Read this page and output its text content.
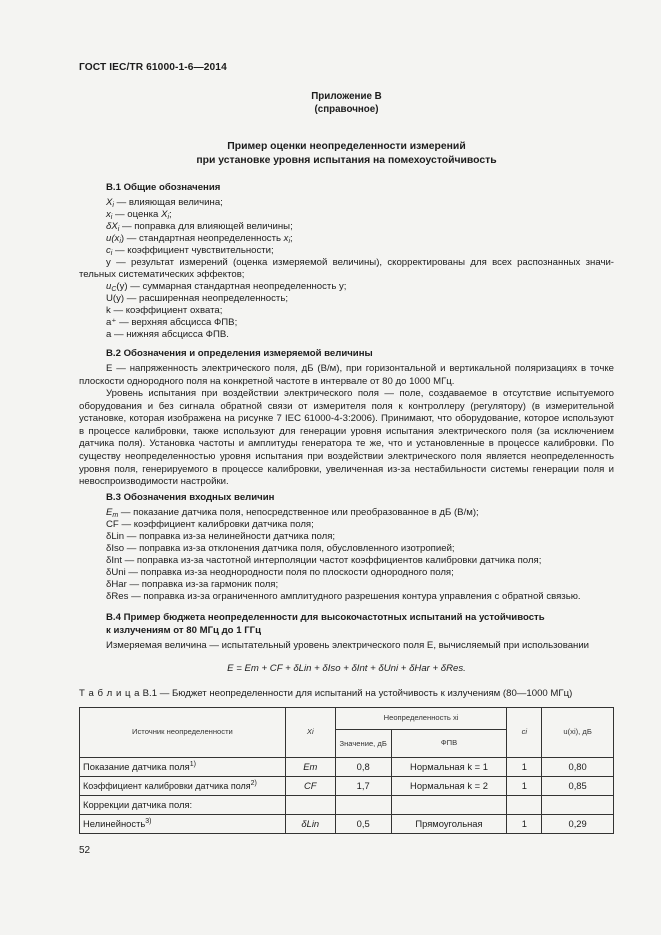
ГОСТ IEC/TR 61000-1-6—2014
Приложение В
(справочное)
Пример оценки неопределенности измерений
при установке уровня испытания на помехоустойчивость
В.1 Общие обозначения
$X_i$ — влияющая величина;
$x_i$ — оценка $X_i$;
$\delta X_i$ — поправка для влияющей величины;
$u(x_i)$ — стандартная неопределенность $x_i$;
$c_i$ — коэффициент чувствительности;
y — результат измерений (оценка измеряемой величины), скорректированы для всех распознанных значи-
тельных систематических эффектов;
$u_C(y)$ — суммарная стандартная неопределенность y;
U(y) — расширенная неопределенность;
k — коэффициент охвата;
a⁺ — верхняя абсцисса ФПВ;
a — нижняя абсцисса ФПВ.
В.2 Обозначения и определения измеряемой величины

E — напряженность электрического поля, дБ (В/м), при горизонтальной и вертикальной поляризациях в точке плоскости однородного поля на конкретной частоте в интервале от 80 до 1000 МГц.

Уровень испытания при воздействии электрического поля — поле, создаваемое в отсутствие испытуемого оборудования и без сигнала обратной связи от измерителя поля к контроллеру (регулятору) (в измерительной установке, которая изображена на рисунке 7 IEC 61000-4-3:2006). Принимают, что оборудование, которое используют в процессе калибровки, также используют для генерации уровня испытания электрического поля (за исключением датчика поля). Установка частоты и амплитуды генератора те же, что и установленные в процессе калибровки. По существу неопределенностью уровня испытания при воздействии электрического поля является неопределенность уровня поля, генерируемого в процессе калибровки, увеличенная из-за нестабильности системы генерации поля и невоспроизводимости настройки.

В.3 Обозначения входных величин
$E_m$ — показание датчика поля, непосредственное или преобразованное в дБ (В/м);
CF — коэффициент калибровки датчика поля;
δLin — поправка из-за нелинейности датчика поля;
δIso — поправка из-за отклонения датчика поля, обусловленного изотропией;
δInt — поправка из-за частотной интерполяции частот коэффициентов калибровки датчика поля;
δUni — поправка из-за неоднородности поля по плоскости однородного поля;
δHar — поправка из-за гармоник поля;
δRes — поправка из-за ограниченного амплитудного разрешения контура управления с обратной связью.
В.4 Пример бюджета неопределенности для высокочастотных испытаний на устойчивость
к излучениям от 80 МГц до 1 ГГц
Измеряемая величина — испытательный уровень электрического поля E, вычисляемый при использовании
E = Em + CF + δLin + δIso + δInt + δUni + δHar + δRes.
Т а б л и ц а В.1 — Бюджет неопределенности для испытаний на устойчивость к излучениям (80—1000 МГц)
Источник неопределенности	Xi	Неопределенность xi		ci	u(xi), дБ
		Значение, дБ	ФПВ		
Показание датчика поля$^{1)}$	Em	0,8	Нормальная k = 1	1	0,80
Коэффициент калибровки датчика поля$^{2)}$	CF	1,7	Нормальная k = 2	1	0,85
Коррекции датчика поля:					
Нелинейность$^{3)}$	δLin	0,5	Прямоугольная	1	0,29
52
